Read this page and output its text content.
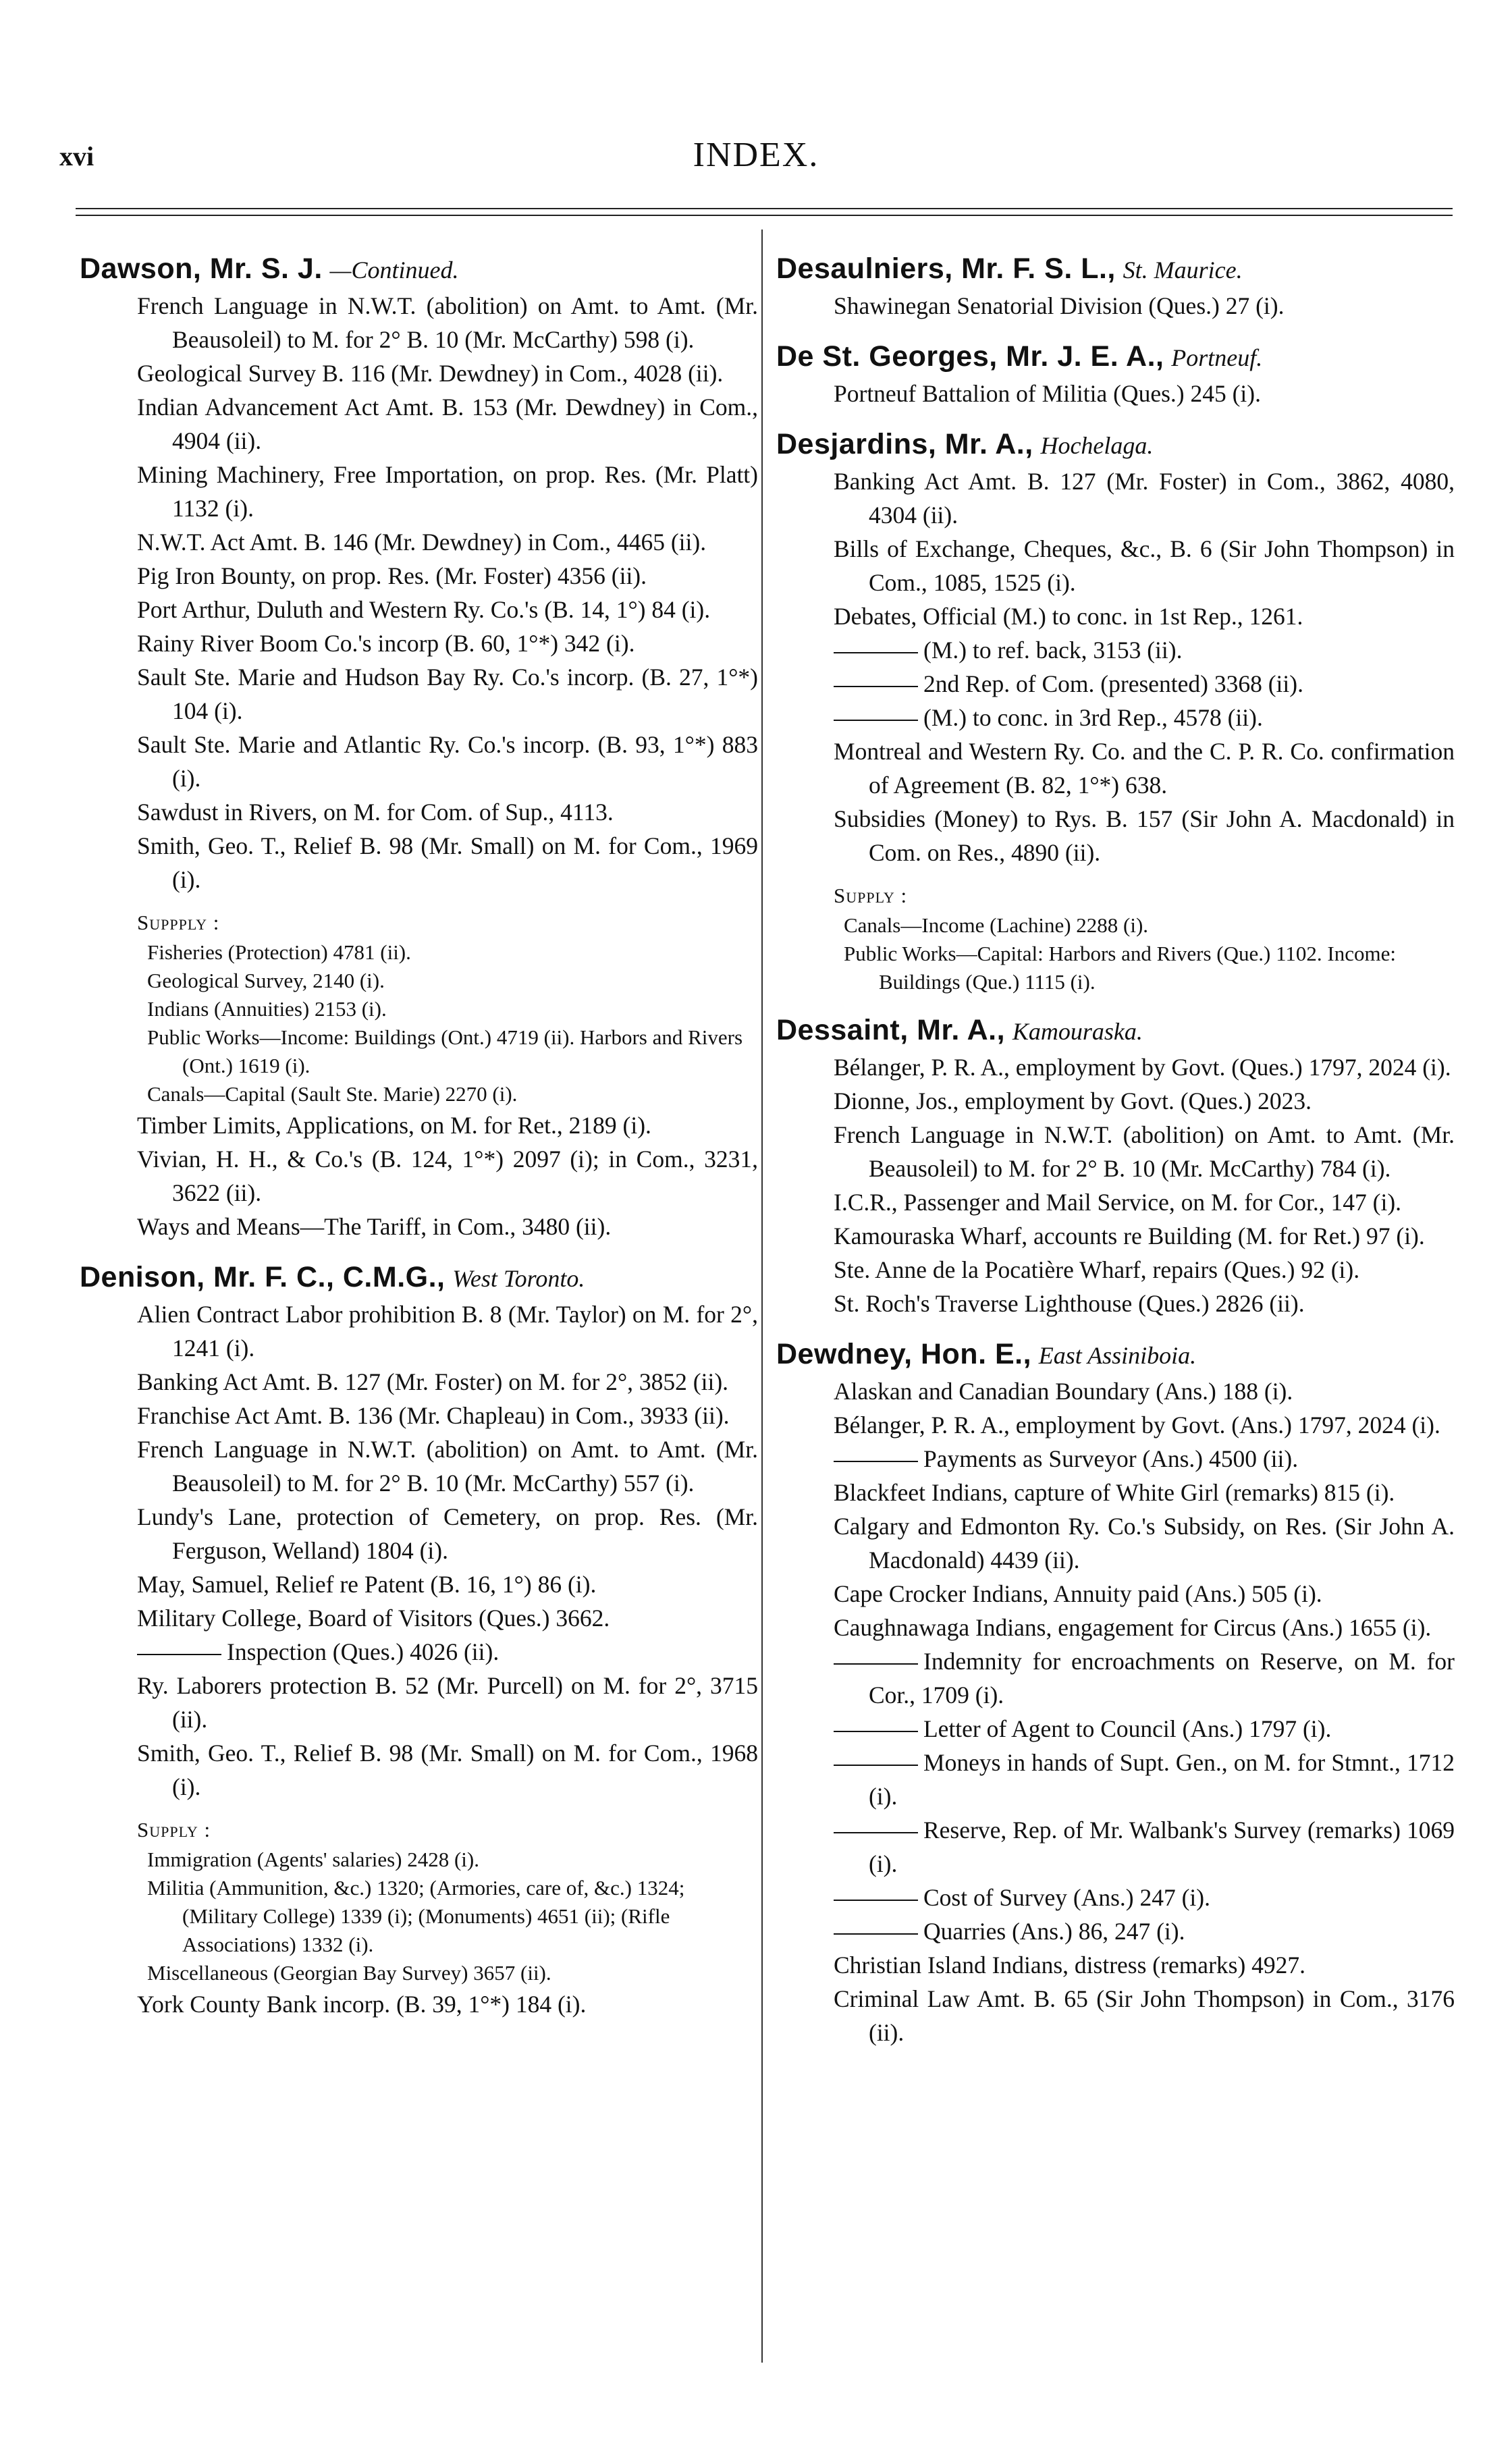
xvi	INDEX.
Dawson, Mr. S. J. —Continued.
French Language in N.W.T. (abolition) on Amt. to Amt. (Mr. Beausoleil) to M. for 2° B. 10 (Mr. McCarthy) 598 (i).
Geological Survey B. 116 (Mr. Dewdney) in Com., 4028 (ii).
Indian Advancement Act Amt. B. 153 (Mr. Dewdney) in Com., 4904 (ii).
Mining Machinery, Free Importation, on prop. Res. (Mr. Platt) 1132 (i).
N.W.T. Act Amt. B. 146 (Mr. Dewdney) in Com., 4465 (ii).
Pig Iron Bounty, on prop. Res. (Mr. Foster) 4356 (ii).
Port Arthur, Duluth and Western Ry. Co.'s (B. 14, 1°) 84 (i).
Rainy River Boom Co.'s incorp (B. 60, 1°*) 342 (i).
Sault Ste. Marie and Hudson Bay Ry. Co.'s incorp. (B. 27, 1°*) 104 (i).
Sault Ste. Marie and Atlantic Ry. Co.'s incorp. (B. 93, 1°*) 883 (i).
Sawdust in Rivers, on M. for Com. of Sup., 4113.
Smith, Geo. T., Relief B. 98 (Mr. Small) on M. for Com., 1969 (i).
Suppply :
Fisheries (Protection) 4781 (ii).
Geological Survey, 2140 (i).
Indians (Annuities) 2153 (i).
Public Works—Income: Buildings (Ont.) 4719 (ii). Harbors and Rivers (Ont.) 1619 (i).
Canals—Capital (Sault Ste. Marie) 2270 (i).
Timber Limits, Applications, on M. for Ret., 2189 (i).
Vivian, H. H., & Co.'s (B. 124, 1°*) 2097 (i); in Com., 3231, 3622 (ii).
Ways and Means—The Tariff, in Com., 3480 (ii).
Denison, Mr. F. C., C.M.G., West Toronto.
Alien Contract Labor prohibition B. 8 (Mr. Taylor) on M. for 2°, 1241 (i).
Banking Act Amt. B. 127 (Mr. Foster) on M. for 2°, 3852 (ii).
Franchise Act Amt. B. 136 (Mr. Chapleau) in Com., 3933 (ii).
French Language in N.W.T. (abolition) on Amt. to Amt. (Mr. Beausoleil) to M. for 2° B. 10 (Mr. McCarthy) 557 (i).
Lundy's Lane, protection of Cemetery, on prop. Res. (Mr. Ferguson, Welland) 1804 (i).
May, Samuel, Relief re Patent (B. 16, 1°) 86 (i).
Military College, Board of Visitors (Ques.) 3662.
Inspection (Ques.) 4026 (ii).
Ry. Laborers protection B. 52 (Mr. Purcell) on M. for 2°, 3715 (ii).
Smith, Geo. T., Relief B. 98 (Mr. Small) on M. for Com., 1968 (i).
Supply :
Immigration (Agents' salaries) 2428 (i).
Militia (Ammunition, &c.) 1320; (Armories, care of, &c.) 1324; (Military College) 1339 (i); (Monuments) 4651 (ii); (Rifle Associations) 1332 (i).
Miscellaneous (Georgian Bay Survey) 3657 (ii).
York County Bank incorp. (B. 39, 1°*) 184 (i).
Desaulniers, Mr. F. S. L., St. Maurice.
Shawinegan Senatorial Division (Ques.) 27 (i).
De St. Georges, Mr. J. E. A., Portneuf.
Portneuf Battalion of Militia (Ques.) 245 (i).
Desjardins, Mr. A., Hochelaga.
Banking Act Amt. B. 127 (Mr. Foster) in Com., 3862, 4080, 4304 (ii).
Bills of Exchange, Cheques, &c., B. 6 (Sir John Thompson) in Com., 1085, 1525 (i).
Debates, Official (M.) to conc. in 1st Rep., 1261.
(M.) to ref. back, 3153 (ii).
2nd Rep. of Com. (presented) 3368 (ii).
(M.) to conc. in 3rd Rep., 4578 (ii).
Montreal and Western Ry. Co. and the C. P. R. Co. confirmation of Agreement (B. 82, 1°*) 638.
Subsidies (Money) to Rys. B. 157 (Sir John A. Macdonald) in Com. on Res., 4890 (ii).
Supply :
Canals—Income (Lachine) 2288 (i).
Public Works—Capital: Harbors and Rivers (Que.) 1102. Income: Buildings (Que.) 1115 (i).
Dessaint, Mr. A., Kamouraska.
Bélanger, P. R. A., employment by Govt. (Ques.) 1797, 2024 (i).
Dionne, Jos., employment by Govt. (Ques.) 2023.
French Language in N.W.T. (abolition) on Amt. to Amt. (Mr. Beausoleil) to M. for 2° B. 10 (Mr. McCarthy) 784 (i).
I.C.R., Passenger and Mail Service, on M. for Cor., 147 (i).
Kamouraska Wharf, accounts re Building (M. for Ret.) 97 (i).
Ste. Anne de la Pocatière Wharf, repairs (Ques.) 92 (i).
St. Roch's Traverse Lighthouse (Ques.) 2826 (ii).
Dewdney, Hon. E., East Assiniboia.
Alaskan and Canadian Boundary (Ans.) 188 (i).
Bélanger, P. R. A., employment by Govt. (Ans.) 1797, 2024 (i).
Payments as Surveyor (Ans.) 4500 (ii).
Blackfeet Indians, capture of White Girl (remarks) 815 (i).
Calgary and Edmonton Ry. Co.'s Subsidy, on Res. (Sir John A. Macdonald) 4439 (ii).
Cape Crocker Indians, Annuity paid (Ans.) 505 (i).
Caughnawaga Indians, engagement for Circus (Ans.) 1655 (i).
Indemnity for encroachments on Reserve, on M. for Cor., 1709 (i).
Letter of Agent to Council (Ans.) 1797 (i).
Moneys in hands of Supt. Gen., on M. for Stmnt., 1712 (i).
Reserve, Rep. of Mr. Walbank's Survey (remarks) 1069 (i).
Cost of Survey (Ans.) 247 (i).
Quarries (Ans.) 86, 247 (i).
Christian Island Indians, distress (remarks) 4927.
Criminal Law Amt. B. 65 (Sir John Thompson) in Com., 3176 (ii).
